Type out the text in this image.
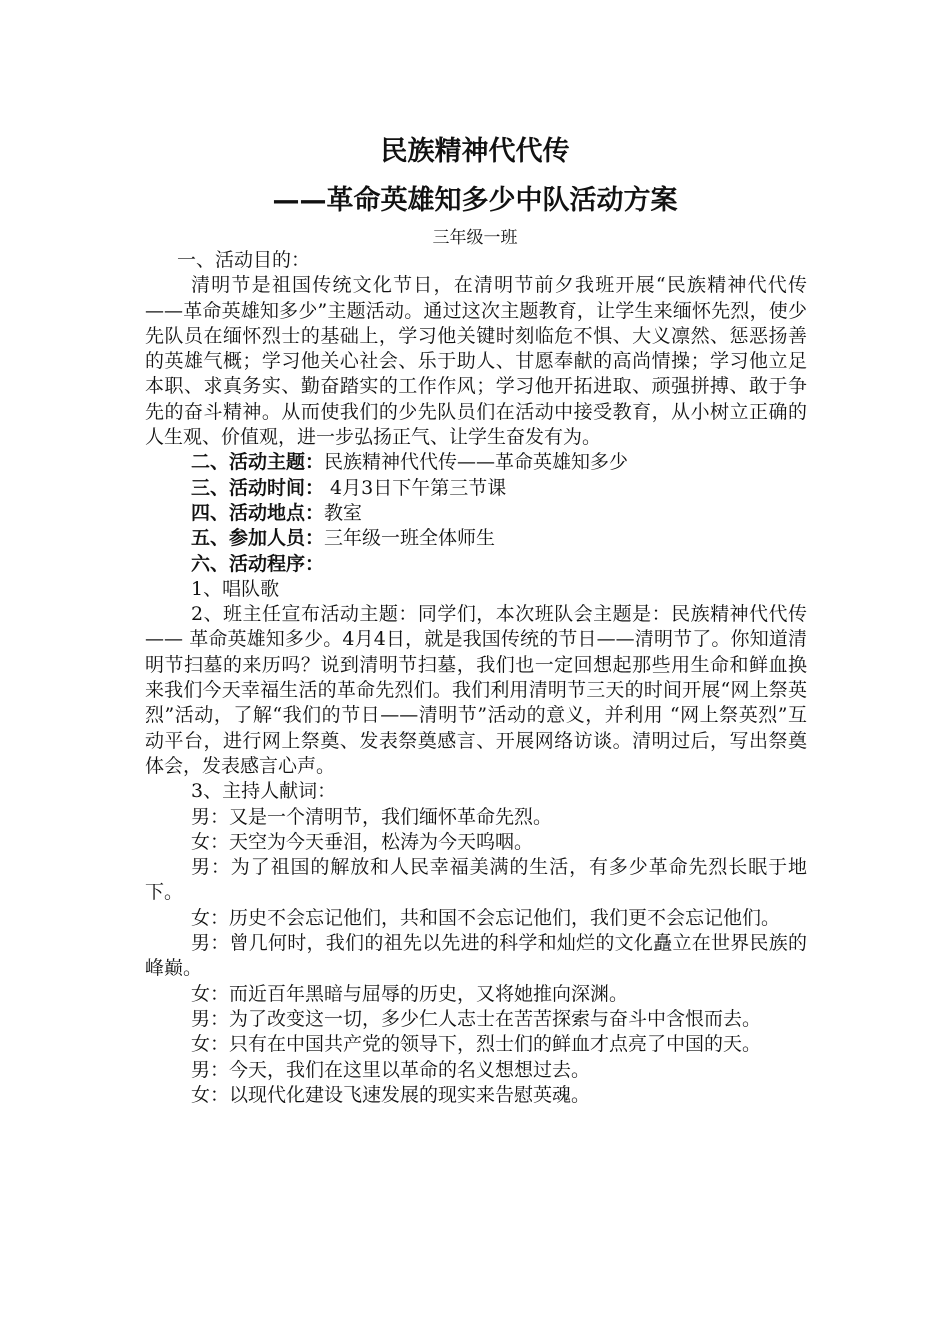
民族精神代代传
——革命英雄知多少中队活动方案
三年级一班

一、活动目的：

清明节是祖国传统文化节日，在清明节前夕我班开展“民族精神代代传——革命英雄知多少”主题活动。通过这次主题教育，让学生来缅怀先烈，使少先队员在缅怀烈士的基础上，学习他关键时刻临危不惧、大义凛然、惩恶扬善的英雄气概；学习他关心社会、乐于助人、甘愿奉献的高尚情操；学习他立足本职、求真务实、勤奋踏实的工作作风；学习他开拓进取、顽强拼搏、敢于争先的奋斗精神。从而使我们的少先队员们在活动中接受教育，从小树立正确的人生观、价值观，进一步弘扬正气、让学生奋发有为。

二、活动主题：民族精神代代传——革命英雄知多少

三、活动时间： 4月3日下午第三节课

四、活动地点：教室

五、参加人员：三年级一班全体师生

六、活动程序：

1、唱队歌

2、班主任宣布活动主题：同学们，本次班队会主题是：民族精神代代传—— 革命英雄知多少。4月4日，就是我国传统的节日——清明节了。你知道清明节扫墓的来历吗？说到清明节扫墓，我们也一定回想起那些用生命和鲜血换来我们今天幸福生活的革命先烈们。我们利用清明节三天的时间开展“网上祭英烈”活动，了解“我们的节日——清明节”活动的意义，并利用 “网上祭英烈”互动平台，进行网上祭奠、发表祭奠感言、开展网络访谈。清明过后，写出祭奠体会，发表感言心声。

3、主持人献词：

男：又是一个清明节，我们缅怀革命先烈。

女：天空为今天垂泪，松涛为今天呜咽。

男：为了祖国的解放和人民幸福美满的生活，有多少革命先烈长眠于地下。

女：历史不会忘记他们，共和国不会忘记他们，我们更不会忘记他们。

男：曾几何时，我们的祖先以先进的科学和灿烂的文化矗立在世界民族的峰巅。

女：而近百年黑暗与屈辱的历史，又将她推向深渊。

男：为了改变这一切，多少仁人志士在苦苦探索与奋斗中含恨而去。

女：只有在中国共产党的领导下，烈士们的鲜血才点亮了中国的天。

男：今天，我们在这里以革命的名义想想过去。

女：以现代化建设飞速发展的现实来告慰英魂。
